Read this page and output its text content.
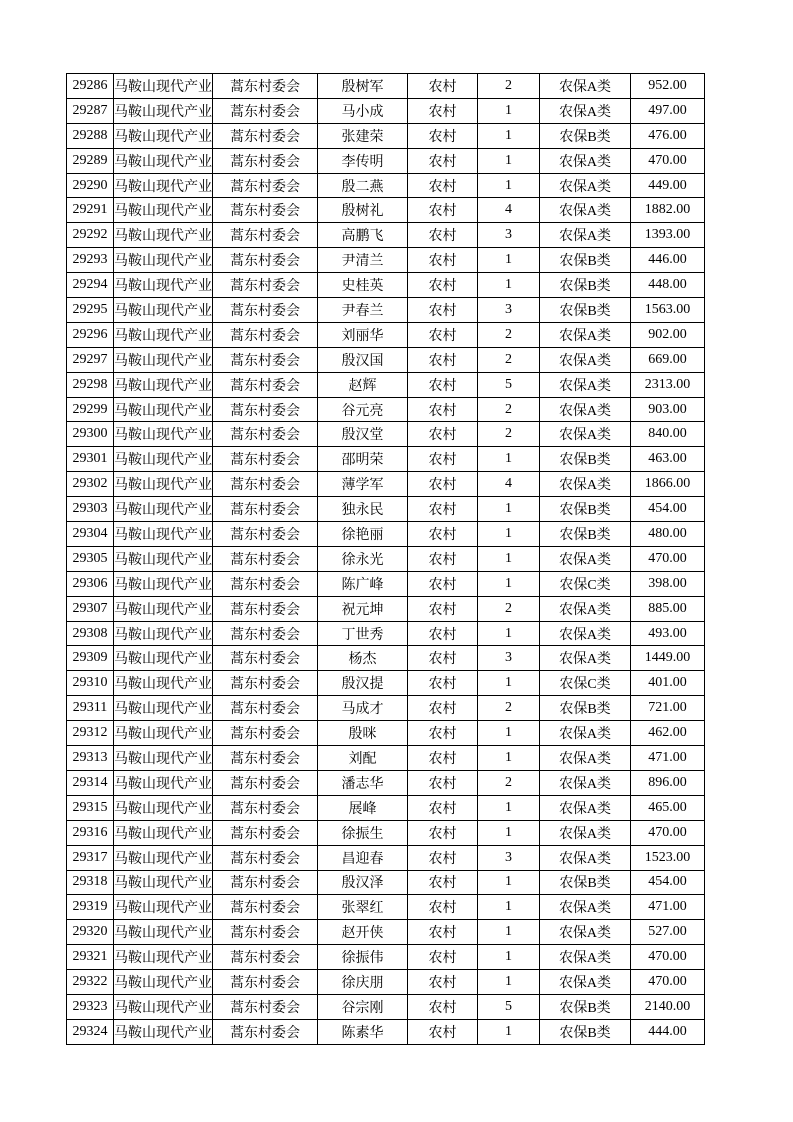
29286	马鞍山现代产业	蒿东村委会	殷树军	农村	2	农保A类	952.00
29287	马鞍山现代产业	蒿东村委会	马小成	农村	1	农保A类	497.00
29288	马鞍山现代产业	蒿东村委会	张建荣	农村	1	农保B类	476.00
29289	马鞍山现代产业	蒿东村委会	李传明	农村	1	农保A类	470.00
29290	马鞍山现代产业	蒿东村委会	殷二燕	农村	1	农保A类	449.00
29291	马鞍山现代产业	蒿东村委会	殷树礼	农村	4	农保A类	1882.00
29292	马鞍山现代产业	蒿东村委会	高鹏飞	农村	3	农保A类	1393.00
29293	马鞍山现代产业	蒿东村委会	尹清兰	农村	1	农保B类	446.00
29294	马鞍山现代产业	蒿东村委会	史桂英	农村	1	农保B类	448.00
29295	马鞍山现代产业	蒿东村委会	尹春兰	农村	3	农保B类	1563.00
29296	马鞍山现代产业	蒿东村委会	刘丽华	农村	2	农保A类	902.00
29297	马鞍山现代产业	蒿东村委会	殷汉国	农村	2	农保A类	669.00
29298	马鞍山现代产业	蒿东村委会	赵辉	农村	5	农保A类	2313.00
29299	马鞍山现代产业	蒿东村委会	谷元亮	农村	2	农保A类	903.00
29300	马鞍山现代产业	蒿东村委会	殷汉堂	农村	2	农保A类	840.00
29301	马鞍山现代产业	蒿东村委会	邵明荣	农村	1	农保B类	463.00
29302	马鞍山现代产业	蒿东村委会	薄学军	农村	4	农保A类	1866.00
29303	马鞍山现代产业	蒿东村委会	独永民	农村	1	农保B类	454.00
29304	马鞍山现代产业	蒿东村委会	徐艳丽	农村	1	农保B类	480.00
29305	马鞍山现代产业	蒿东村委会	徐永光	农村	1	农保A类	470.00
29306	马鞍山现代产业	蒿东村委会	陈广峰	农村	1	农保C类	398.00
29307	马鞍山现代产业	蒿东村委会	祝元坤	农村	2	农保A类	885.00
29308	马鞍山现代产业	蒿东村委会	丁世秀	农村	1	农保A类	493.00
29309	马鞍山现代产业	蒿东村委会	杨杰	农村	3	农保A类	1449.00
29310	马鞍山现代产业	蒿东村委会	殷汉提	农村	1	农保C类	401.00
29311	马鞍山现代产业	蒿东村委会	马成才	农村	2	农保B类	721.00
29312	马鞍山现代产业	蒿东村委会	殷咪	农村	1	农保A类	462.00
29313	马鞍山现代产业	蒿东村委会	刘配	农村	1	农保A类	471.00
29314	马鞍山现代产业	蒿东村委会	潘志华	农村	2	农保A类	896.00
29315	马鞍山现代产业	蒿东村委会	展峰	农村	1	农保A类	465.00
29316	马鞍山现代产业	蒿东村委会	徐振生	农村	1	农保A类	470.00
29317	马鞍山现代产业	蒿东村委会	昌迎春	农村	3	农保A类	1523.00
29318	马鞍山现代产业	蒿东村委会	殷汉泽	农村	1	农保B类	454.00
29319	马鞍山现代产业	蒿东村委会	张翠红	农村	1	农保A类	471.00
29320	马鞍山现代产业	蒿东村委会	赵开侠	农村	1	农保A类	527.00
29321	马鞍山现代产业	蒿东村委会	徐振伟	农村	1	农保A类	470.00
29322	马鞍山现代产业	蒿东村委会	徐庆朋	农村	1	农保A类	470.00
29323	马鞍山现代产业	蒿东村委会	谷宗刚	农村	5	农保B类	2140.00
29324	马鞍山现代产业	蒿东村委会	陈素华	农村	1	农保B类	444.00
